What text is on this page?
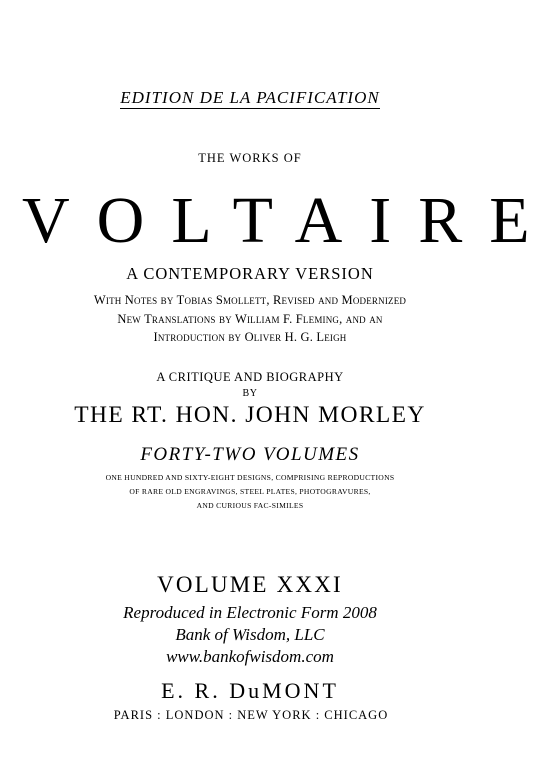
EDITION DE LA PACIFICATION

THE WORKS OF

VOLTAIRE

A CONTEMPORARY VERSION

With Notes by Tobias Smollett, Revised and Modernized

New Translations by William F. Fleming, and an

Introduction by Oliver H. G. Leigh

A CRITIQUE AND BIOGRAPHY

BY

THE RT. HON. JOHN MORLEY

FORTY-TWO VOLUMES

ONE HUNDRED AND SIXTY-EIGHT DESIGNS, COMPRISING REPRODUCTIONS

OF RARE OLD ENGRAVINGS, STEEL PLATES, PHOTOGRAVURES,

AND CURIOUS FAC-SIMILES

VOLUME XXXI

Reproduced in Electronic Form 2008

Bank of Wisdom, LLC

www.bankofwisdom.com

E. R. DuMONT

PARIS : LONDON : NEW YORK : CHICAGO
